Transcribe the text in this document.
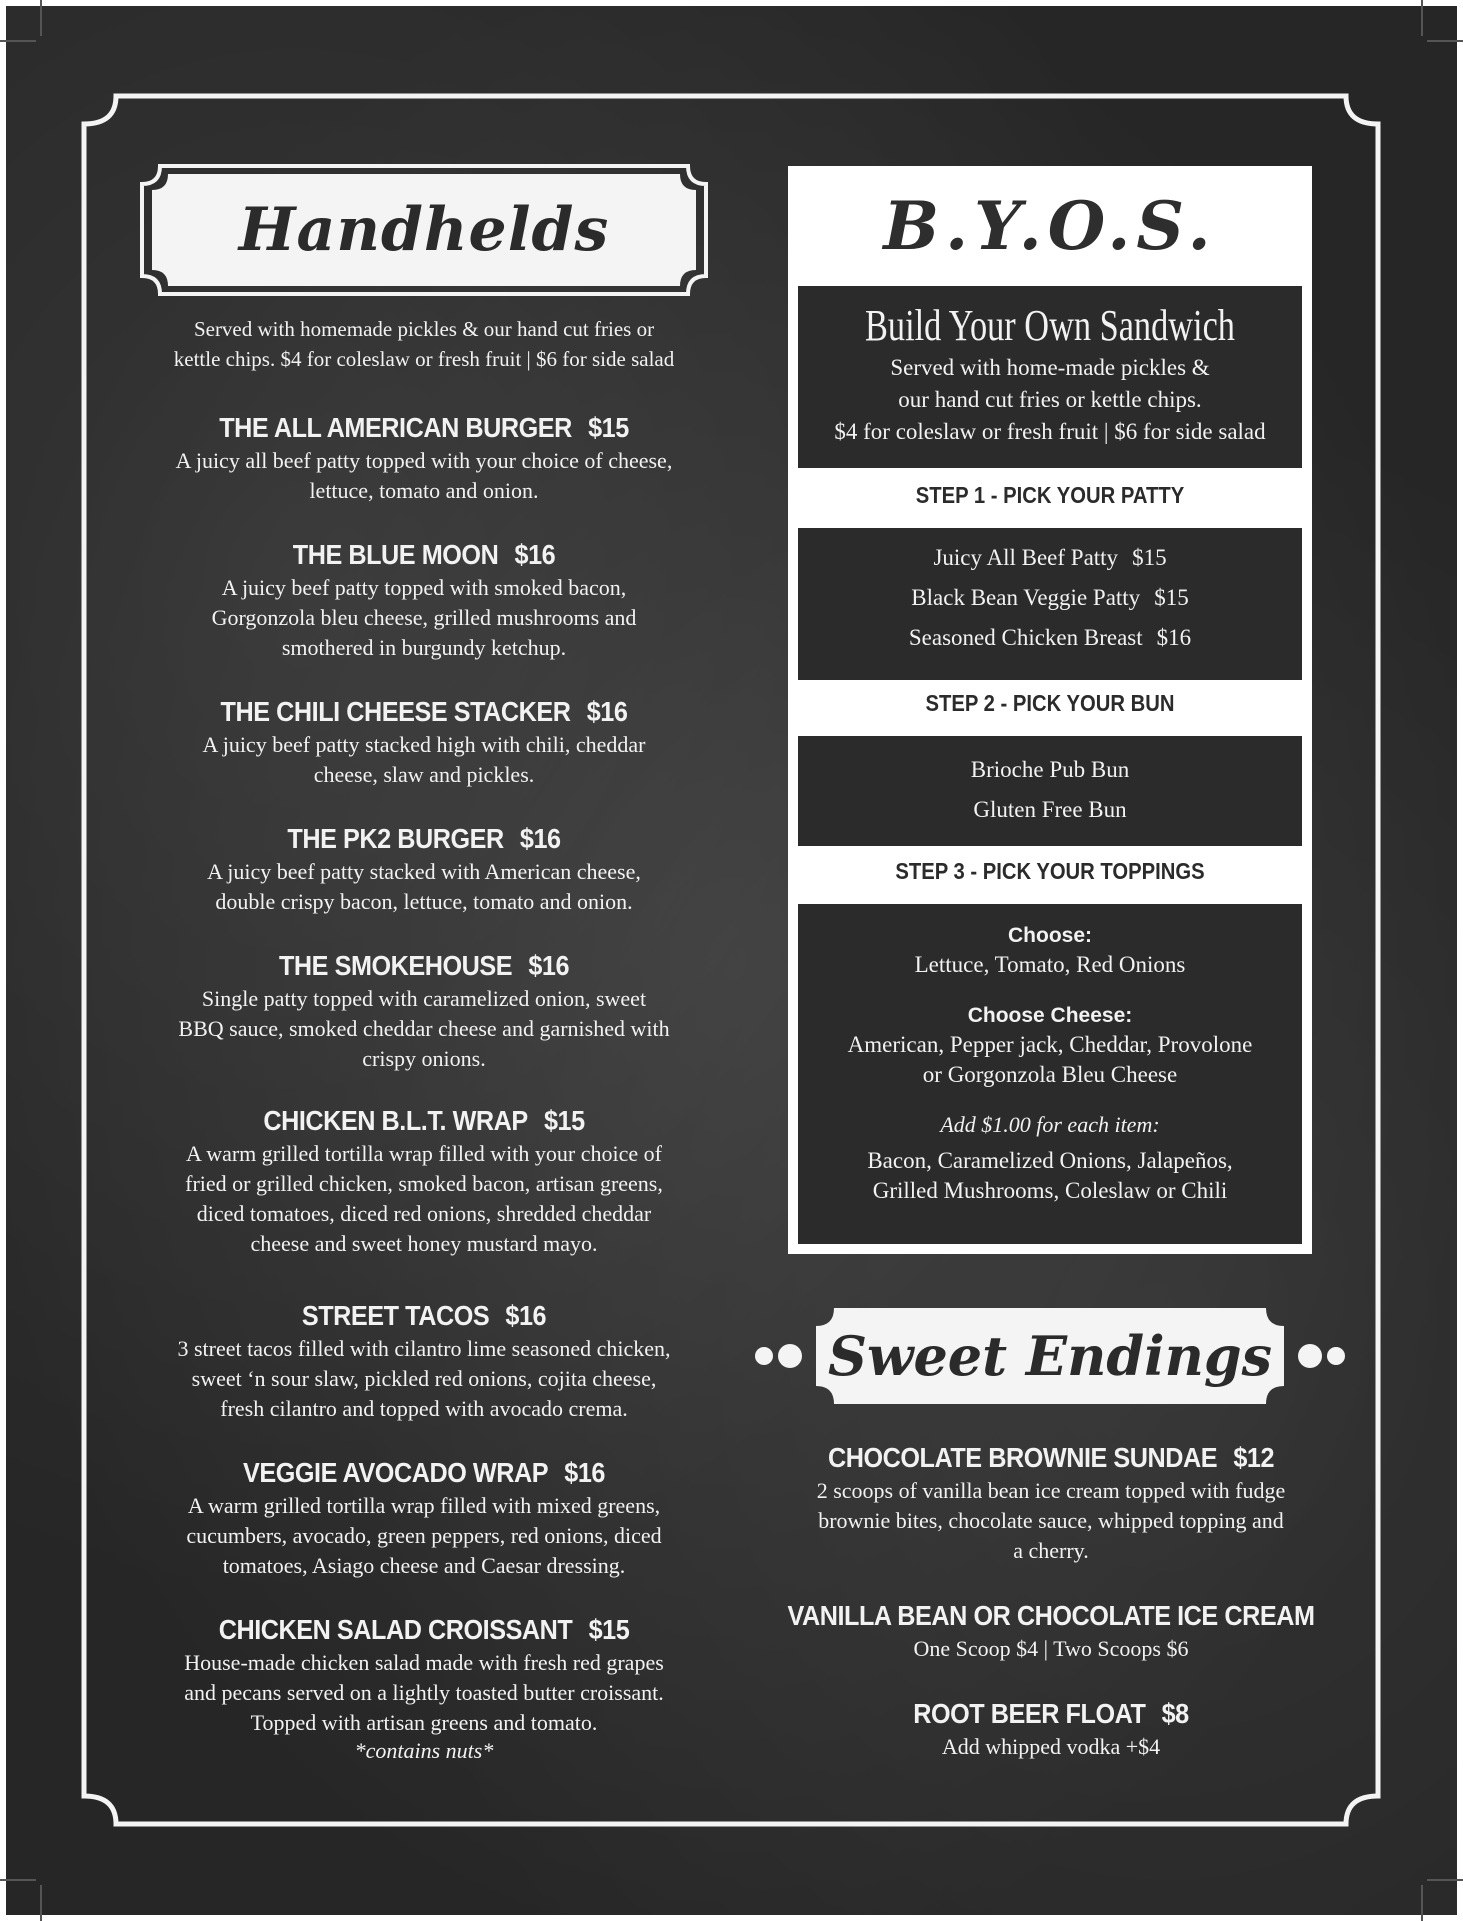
Handhelds
Served with homemade pickles & our hand cut fries or
kettle chips. $4 for coleslaw or fresh fruit | $6 for side salad
THE ALL AMERICAN BURGER $15
A juicy all beef patty topped with your choice of cheese,
lettuce, tomato and onion.
THE BLUE MOON $16
A juicy beef patty topped with smoked bacon,
Gorgonzola bleu cheese, grilled mushrooms and
smothered in burgundy ketchup.
THE CHILI CHEESE STACKER $16
A juicy beef patty stacked high with chili, cheddar
cheese, slaw and pickles.
THE PK2 BURGER $16
A juicy beef patty stacked with American cheese,
double crispy bacon, lettuce, tomato and onion.
THE SMOKEHOUSE $16
Single patty topped with caramelized onion, sweet
BBQ sauce, smoked cheddar cheese and garnished with
crispy onions.
CHICKEN B.L.T. WRAP $15
A warm grilled tortilla wrap filled with your choice of
fried or grilled chicken, smoked bacon, artisan greens,
diced tomatoes, diced red onions, shredded cheddar
cheese and sweet honey mustard mayo.
STREET TACOS $16
3 street tacos filled with cilantro lime seasoned chicken,
sweet ‘n sour slaw, pickled red onions, cojita cheese,
fresh cilantro and topped with avocado crema.
VEGGIE AVOCADO WRAP $16
A warm grilled tortilla wrap filled with mixed greens,
cucumbers, avocado, green peppers, red onions, diced
tomatoes, Asiago cheese and Caesar dressing.
CHICKEN SALAD CROISSANT $15
House-made chicken salad made with fresh red grapes
and pecans served on a lightly toasted butter croissant.
Topped with artisan greens and tomato.
*contains nuts*
B.Y.O.S.
Build Your Own Sandwich
Served with home-made pickles &
our hand cut fries or kettle chips.
$4 for coleslaw or fresh fruit | $6 for side salad
STEP 1 - PICK YOUR PATTY
Juicy All Beef Patty $15
Black Bean Veggie Patty $15
Seasoned Chicken Breast $16
STEP 2 - PICK YOUR BUN
Brioche Pub Bun
Gluten Free Bun
STEP 3 - PICK YOUR TOPPINGS
Choose:
Lettuce, Tomato, Red Onions
Choose Cheese:
American, Pepper jack, Cheddar, Provolone
or Gorgonzola Bleu Cheese
Add $1.00 for each item:
Bacon, Caramelized Onions, Jalapeños,
Grilled Mushrooms, Coleslaw or Chili
Sweet Endings
CHOCOLATE BROWNIE SUNDAE $12
2 scoops of vanilla bean ice cream topped with fudge
brownie bites, chocolate sauce, whipped topping and
a cherry.
VANILLA BEAN OR CHOCOLATE ICE CREAM
One Scoop $4 | Two Scoops $6
ROOT BEER FLOAT $8
Add whipped vodka +$4
